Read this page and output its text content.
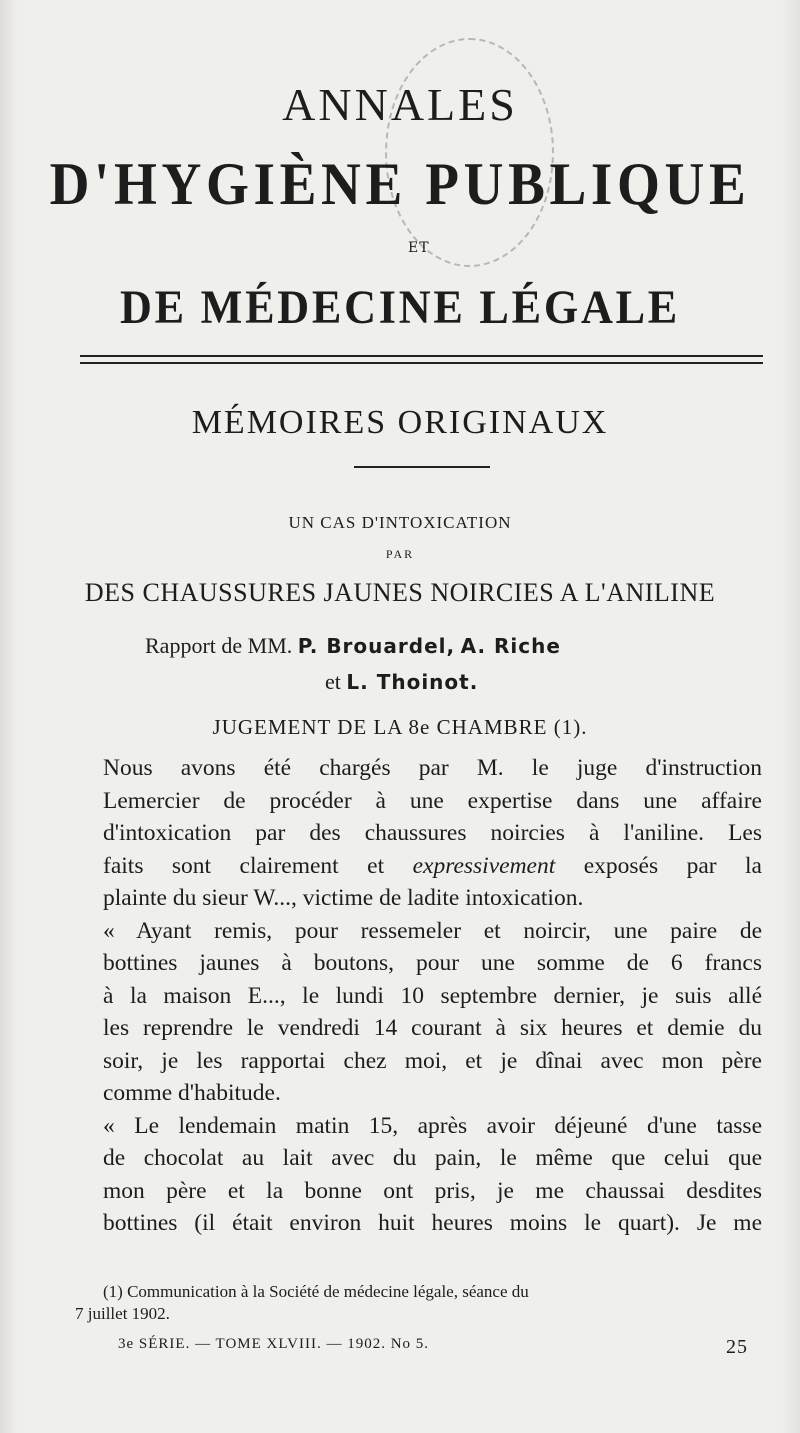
ANNALES
D'HYGIÈNE PUBLIQUE
ET
DE MÉDECINE LÉGALE
MÉMOIRES ORIGINAUX
UN CAS D'INTOXICATION
PAR
DES CHAUSSURES JAUNES NOIRCIES A L'ANILINE
Rapport de MM. P. Brouardel, A. Riche
et L. Thoinot.
JUGEMENT DE LA 8e CHAMBRE (1).

Nous avons été chargés par M. le juge d'instruction
Lemercier de procéder à une expertise dans une affaire
d'intoxication par des chaussures noircies à l'aniline. Les
faits sont clairement et expressivement exposés par la
plainte du sieur W..., victime de ladite intoxication.

« Ayant remis, pour ressemeler et noircir, une paire de
bottines jaunes à boutons, pour une somme de 6 francs
à la maison E..., le lundi 10 septembre dernier, je suis allé
les reprendre le vendredi 14 courant à six heures et demie du
soir, je les rapportai chez moi, et je dînai avec mon père
comme d'habitude.

« Le lendemain matin 15, après avoir déjeuné d'une tasse
de chocolat au lait avec du pain, le même que celui que
mon père et la bonne ont pris, je me chaussai desdites
bottines (il était environ huit heures moins le quart). Je me

(1) Communication à la Société de médecine légale, séance du
7 juillet 1902.
3e SÉRIE. — TOME XLVIII. — 1902. No 5.	25
